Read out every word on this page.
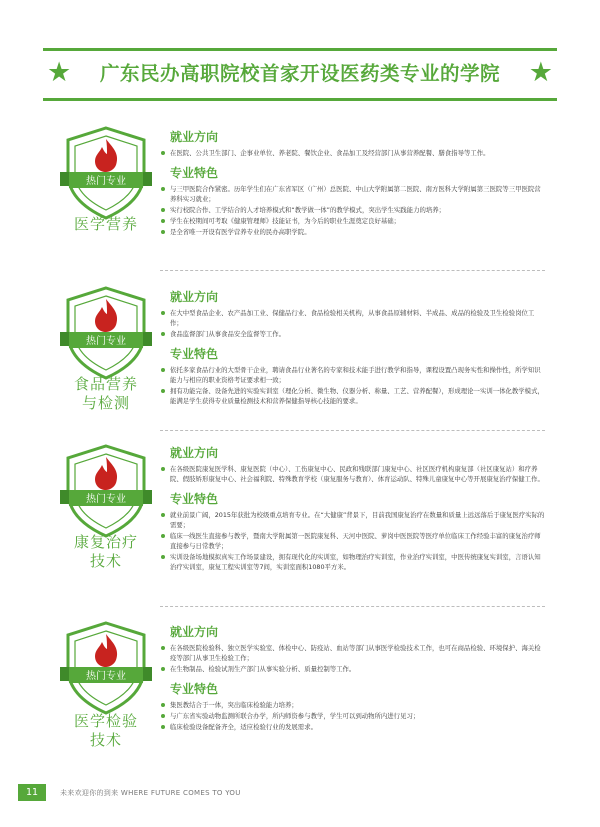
★	广东民办高职院校首家开设医药类专业的学院	★
热门专业
医学营养
就业方向
在医院、公共卫生部门、企事业单位、养老院、餐饮企业、食品加工及经营部门从事营养配餐、膳食指导等工作。
专业特色
与三甲医院合作紧密。历年学生们在广东省军区（广州）总医院、中山大学附属第二医院、南方医科大学附属第三医院等三甲医院营养科实习就业；
实行校院合作、工学结合的人才培养模式和“教学做一体”的教学模式，突出学生实践能力的培养；
学生在校期间可考取《健康管理师》技能证书，为今后的职业生涯奠定良好基础；
是全省唯一开设有医学营养专业的民办高职学院。
热门专业
食品营养
与检测
就业方向
在大中型食品企业、农产品加工业、保健品行业、食品检验相关机构，从事食品原辅材料、半成品、成品的检验及卫生检验岗位工作；
食品监督部门从事食品安全监督等工作。
专业特色
依托多家食品行业的大型骨干企业，聘请食品行业著名的专家和技术能手进行教学和指导，课程设置凸现务实性和操作性，所学知识能力与相应的职业资格考证要求相一致；
拥有功能完备、设备先进的实验实训室（理化分析、微生物、仪器分析、称量、工艺、营养配餐），形成理论一实训一体化教学模式，能满足学生获得专业质量检测技术和营养保健指导核心技能的要求。
热门专业
康复治疗
技术
就业方向
在各级医院康复医学科、康复医院（中心）、工伤康复中心、民政和残联部门康复中心、社区医疗机构康复部（社区康复站）和疗养院、假肢矫形康复中心、社会福利院、特殊教育学校（康复服务与教育）、体育运动队、特殊儿童康复中心等开展康复治疗保健工作。
专业特色
就业前景广阔，2015年获批为校级重点培育专业。在“大健康”背景下，目前我国康复治疗在数量和质量上远远落后于康复医疗实际的需要；
临床一线医生直接参与教学，暨南大学附属第一医院康复科、天河中医院、萝岗中医医院等医疗单位临床工作经验丰富的康复治疗师直接参与日常教学；
实训设备场地模拟真实工作场景建设，拥有现代化的实训室，如物理治疗实训室，作业治疗实训室，中医传统康复实训室，言语认知治疗实训室，康复工程实训室等7间，实训室面积1080平方米。
热门专业
医学检验
技术
就业方向
在各级医院检验科、独立医学实验室、体检中心、防疫站、血站等部门从事医学检验技术工作，也可在商品检验、环境保护、海关检疫等部门从事卫生检验工作；
在生物制品、检验试剂生产部门从事实验分析、质量控制等工作。
专业特色
集医教结合于一体，突出临床检验能力培养；
与广东省实验动物监测所联合办学，所内师资参与教学，学生可以到动物所内进行见习；
临床检验设备配备齐全，适应检验行业的发展需求。
11	未来欢迎你的到来 WHERE FUTURE COMES TO YOU
